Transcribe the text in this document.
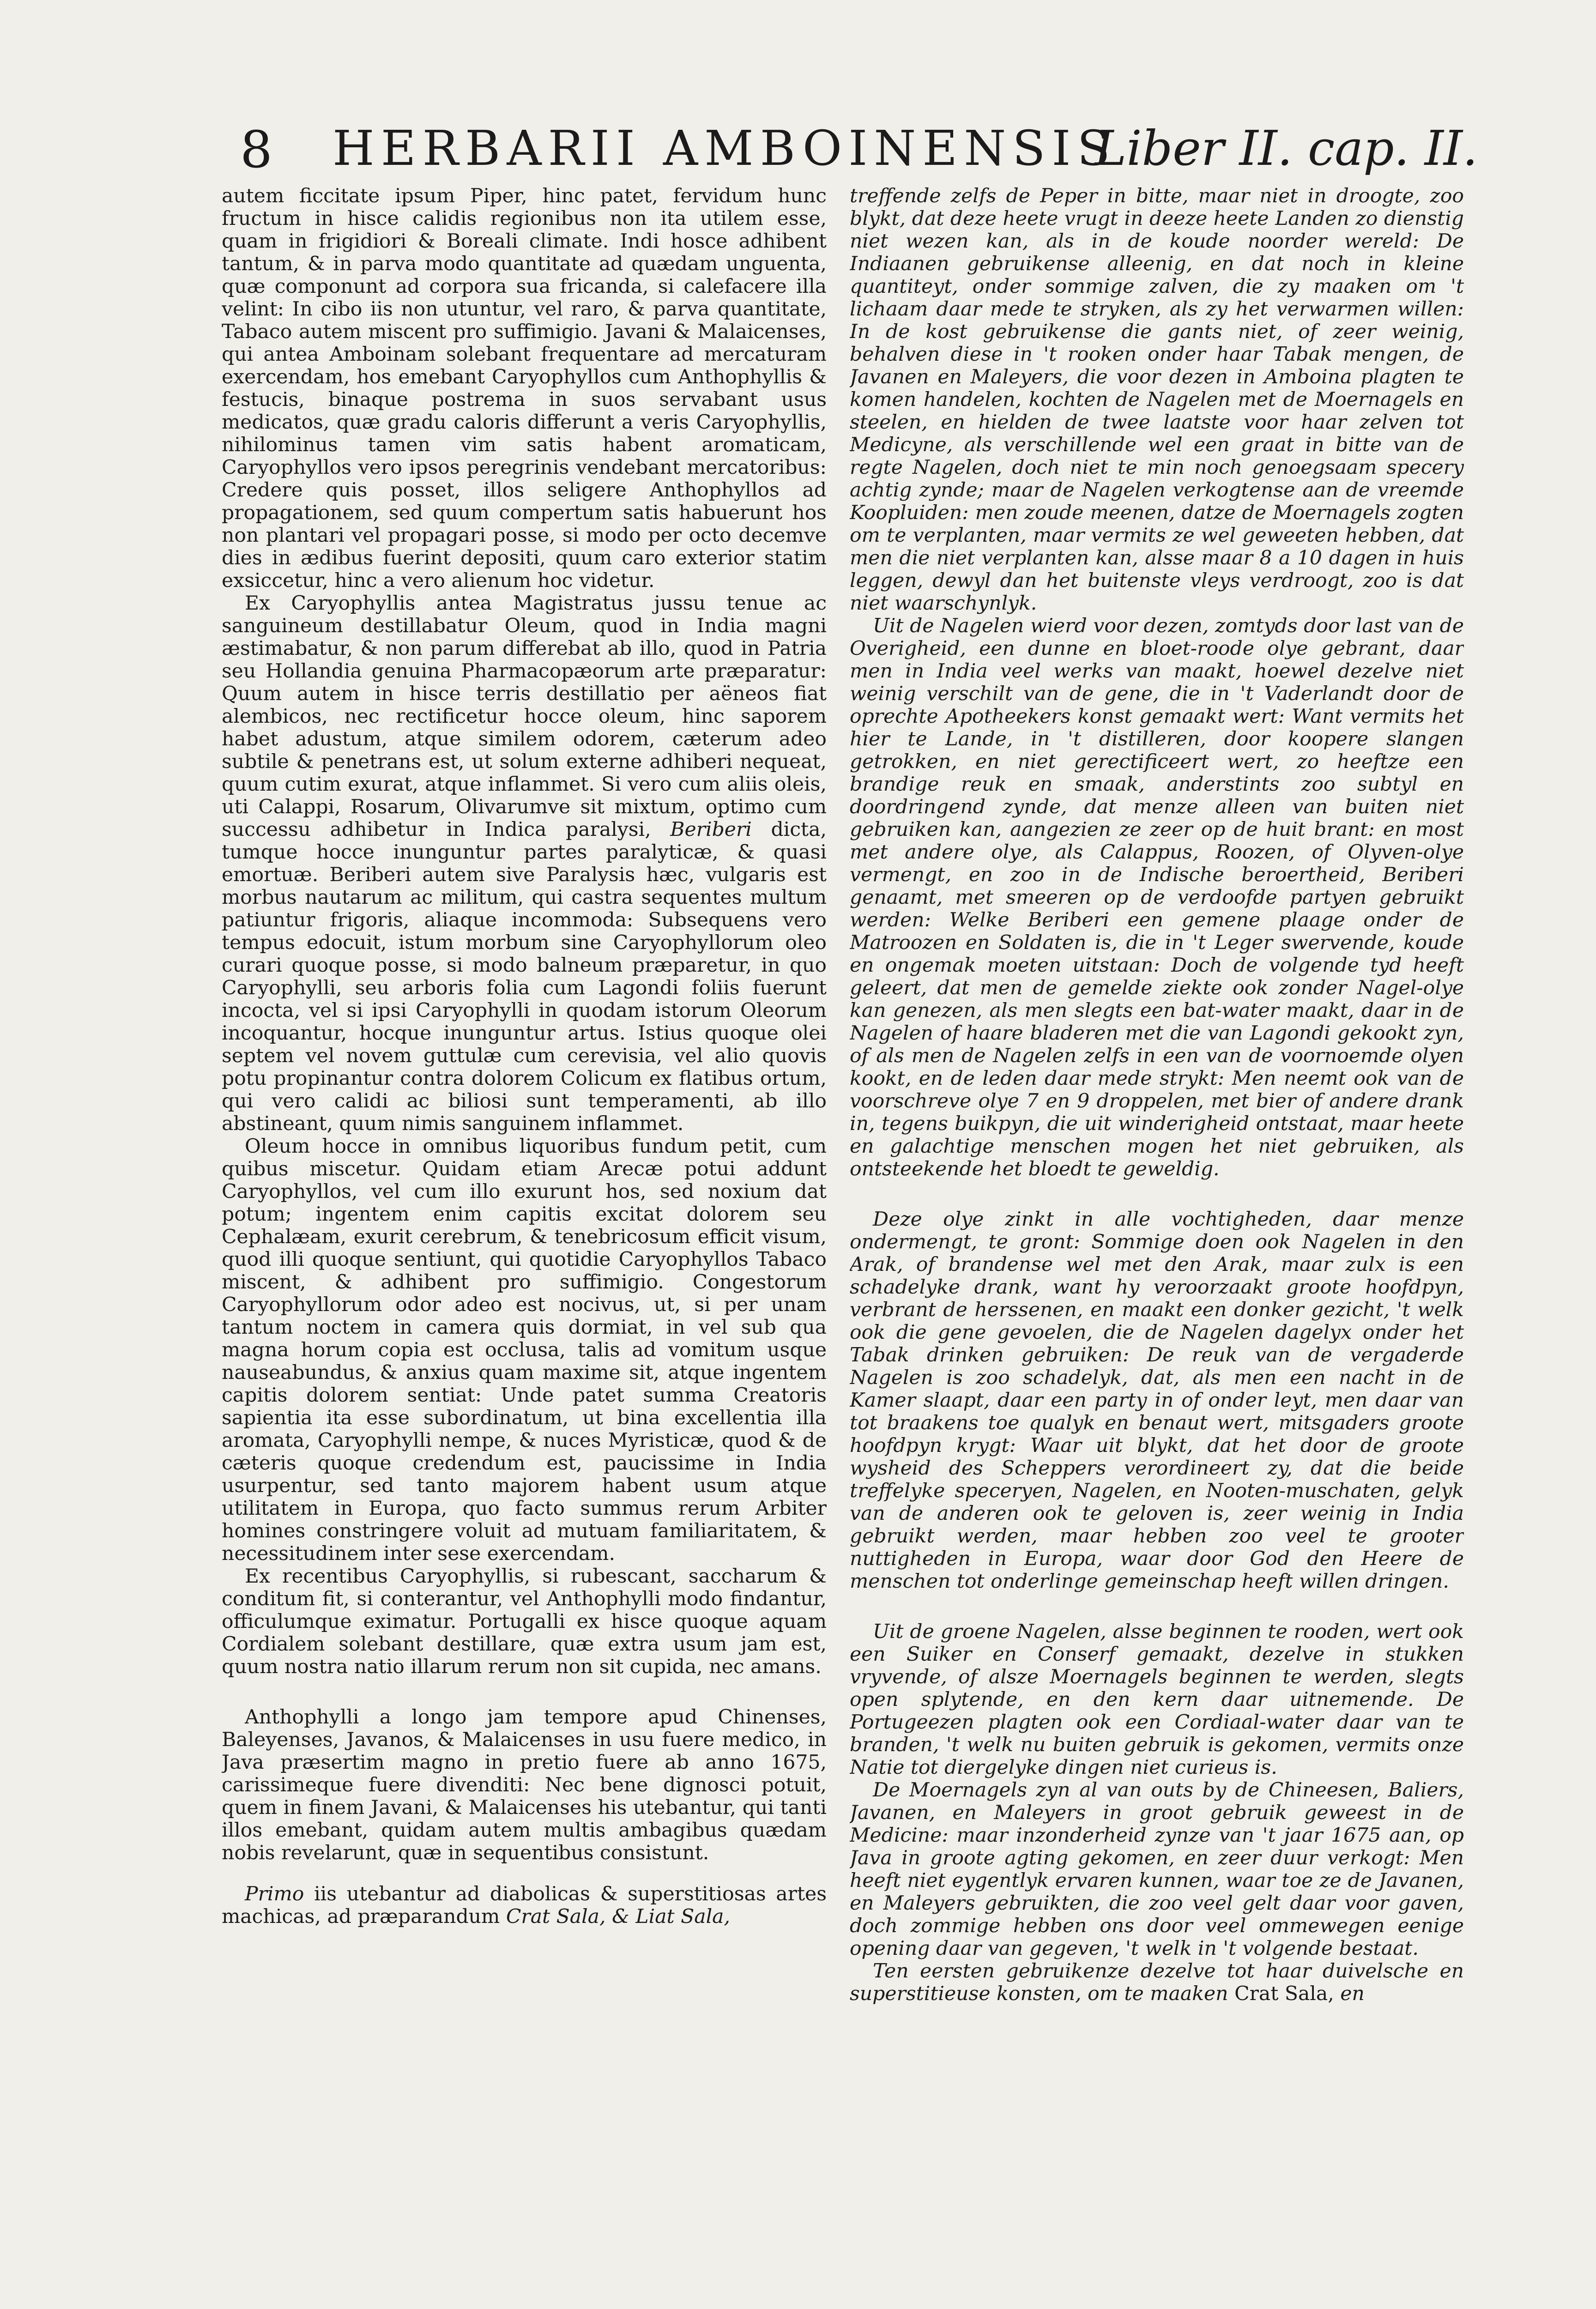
8 HERBARII AMBOINENSIS
Liber II. cap. II.

autem ficcitate ipsum Piper, hinc patet, fervidum hunc fructum in hisce calidis regionibus non ita utilem esse, quam in frigidiori & Boreali climate. Indi hosce adhibent tantum, & in parva modo quantitate ad quædam unguenta, quæ componunt ad corpora sua fricanda, si calefacere illa velint: In cibo iis non utuntur, vel raro, & parva quantitate, Tabaco autem miscent pro suffimigio. Javani & Malaicenses, qui antea Amboinam solebant frequentare ad mercaturam exercendam, hos emebant Caryophyllos cum Anthophyllis & festucis, binaque postrema in suos servabant usus medicatos, quæ gradu caloris differunt a veris Caryophyllis, nihilominus tamen vim satis habent aromaticam, Caryophyllos vero ipsos peregrinis vendebant mercatoribus: Credere quis posset, illos seligere Anthophyllos ad propagationem, sed quum compertum satis habuerunt hos non plantari vel propagari posse, si modo per octo decemve dies in ædibus fuerint depositi, quum caro exterior statim exsiccetur, hinc a vero alienum hoc videtur.

Ex Caryophyllis antea Magistratus jussu tenue ac sanguineum destillabatur Oleum, quod in India magni æstimabatur, & non parum differebat ab illo, quod in Patria seu Hollandia genuina Pharmacopæorum arte præparatur: Quum autem in hisce terris destillatio per aëneos fiat alembicos, nec rectificetur hocce oleum, hinc saporem habet adustum, atque similem odorem, cæterum adeo subtile & penetrans est, ut solum externe adhiberi nequeat, quum cutim exurat, atque inflammet. Si vero cum aliis oleis, uti Calappi, Rosarum, Olivarumve sit mixtum, optimo cum successu adhibetur in Indica paralysi, Beriberi dicta, tumque hocce inunguntur partes paralyticæ, & quasi emortuæ. Beriberi autem sive Paralysis hæc, vulgaris est morbus nautarum ac militum, qui castra sequentes multum patiuntur frigoris, aliaque incommoda: Subsequens vero tempus edocuit, istum morbum sine Caryophyllorum oleo curari quoque posse, si modo balneum præparetur, in quo Caryophylli, seu arboris folia cum Lagondi foliis fuerunt incocta, vel si ipsi Caryophylli in quodam istorum Oleorum incoquantur, hocque inunguntur artus. Istius quoque olei septem vel novem guttulæ cum cerevisia, vel alio quovis potu propinantur contra dolorem Colicum ex flatibus ortum, qui vero calidi ac biliosi sunt temperamenti, ab illo abstineant, quum nimis sanguinem inflammet.

Oleum hocce in omnibus liquoribus fundum petit, cum quibus miscetur. Quidam etiam Arecæ potui addunt Caryophyllos, vel cum illo exurunt hos, sed noxium dat potum; ingentem enim capitis excitat dolorem seu Cephalæam, exurit cerebrum, & tenebricosum efficit visum, quod illi quoque sentiunt, qui quotidie Caryophyllos Tabaco miscent, & adhibent pro suffimigio. Congestorum Caryophyllorum odor adeo est nocivus, ut, si per unam tantum noctem in camera quis dormiat, in vel sub qua magna horum copia est occlusa, talis ad vomitum usque nauseabundus, & anxius quam maxime sit, atque ingentem capitis dolorem sentiat: Unde patet summa Creatoris sapientia ita esse subordinatum, ut bina excellentia illa aromata, Caryophylli nempe, & nuces Myristicæ, quod & de cæteris quoque credendum est, paucissime in India usurpentur, sed tanto majorem habent usum atque utilitatem in Europa, quo facto summus rerum Arbiter homines constringere voluit ad mutuam familiaritatem, & necessitudinem inter sese exercendam.

Ex recentibus Caryophyllis, si rubescant, saccharum & conditum fit, si conterantur, vel Anthophylli modo findantur, officulumque eximatur. Portugalli ex hisce quoque aquam Cordialem solebant destillare, quæ extra usum jam est, quum nostra natio illarum rerum non sit cupida, nec amans.

Anthophylli a longo jam tempore apud Chinenses, Baleyenses, Javanos, & Malaicenses in usu fuere medico, in Java præsertim magno in pretio fuere ab anno 1675, carissimeque fuere divenditi: Nec bene dignosci potuit, quem in finem Javani, & Malaicenses his utebantur, qui tanti illos emebant, quidam autem multis ambagibus quædam nobis revelarunt, quæ in sequentibus consistunt.

Primo iis utebantur ad diabolicas & superstitiosas artes machicas, ad præparandum Crat Sala, & Liat Sala,

treffende zelfs de Peper in bitte, maar niet in droogte, zoo blykt, dat deze heete vrugt in deeze heete Landen zo dienstig niet wezen kan, als in de koude noorder wereld: De Indiaanen gebruikense alleenig, en dat noch in kleine quantiteyt, onder sommige zalven, die zy maaken om 't lichaam daar mede te stryken, als zy het verwarmen willen: In de kost gebruikense die gants niet, of zeer weinig, behalven diese in 't rooken onder haar Tabak mengen, de Javanen en Maleyers, die voor dezen in Amboina plagten te komen handelen, kochten de Nagelen met de Moernagels en steelen, en hielden de twee laatste voor haar zelven tot Medicyne, als verschillende wel een graat in bitte van de regte Nagelen, doch niet te min noch genoegsaam specery achtig zynde; maar de Nagelen verkogtense aan de vreemde Koopluiden: men zoude meenen, datze de Moernagels zogten om te verplanten, maar vermits ze wel geweeten hebben, dat men die niet verplanten kan, alsse maar 8 a 10 dagen in huis leggen, dewyl dan het buitenste vleys verdroogt, zoo is dat niet waarschynlyk.

Uit de Nagelen wierd voor dezen, zomtyds door last van de Overigheid, een dunne en bloet-roode olye gebrant, daar men in India veel werks van maakt, hoewel dezelve niet weinig verschilt van de gene, die in 't Vaderlandt door de oprechte Apotheekers konst gemaakt wert: Want vermits het hier te Lande, in 't distilleren, door koopere slangen getrokken, en niet gerectificeert wert, zo heeftze een brandige reuk en smaak, anderstints zoo subtyl en doordringend zynde, dat menze alleen van buiten niet gebruiken kan, aangezien ze zeer op de huit brant: en most met andere olye, als Calappus, Roozen, of Olyven-olye vermengt, en zoo in de Indische beroertheid, Beriberi genaamt, met smeeren op de verdoofde partyen gebruikt werden: Welke Beriberi een gemene plaage onder de Matroozen en Soldaten is, die in 't Leger swervende, koude en ongemak moeten uitstaan: Doch de volgende tyd heeft geleert, dat men de gemelde ziekte ook zonder Nagel-olye kan genezen, als men slegts een bat-water maakt, daar in de Nagelen of haare bladeren met die van Lagondi gekookt zyn, of als men de Nagelen zelfs in een van de voornoemde olyen kookt, en de leden daar mede strykt: Men neemt ook van de voorschreve olye 7 en 9 droppelen, met bier of andere drank in, tegens buikpyn, die uit winderigheid ontstaat, maar heete en galachtige menschen mogen het niet gebruiken, als ontsteekende het bloedt te geweldig.

Deze olye zinkt in alle vochtigheden, daar menze ondermengt, te gront: Sommige doen ook Nagelen in den Arak, of brandense wel met den Arak, maar zulx is een schadelyke drank, want hy veroorzaakt groote hoofdpyn, verbrant de herssenen, en maakt een donker gezicht, 't welk ook die gene gevoelen, die de Nagelen dagelyx onder het Tabak drinken gebruiken: De reuk van de vergaderde Nagelen is zoo schadelyk, dat, als men een nacht in de Kamer slaapt, daar een party in of onder leyt, men daar van tot braakens toe qualyk en benaut wert, mitsgaders groote hoofdpyn krygt: Waar uit blykt, dat het door de groote wysheid des Scheppers verordineert zy, dat die beide treffelyke speceryen, Nagelen, en Nooten-muschaten, gelyk van de anderen ook te geloven is, zeer weinig in India gebruikt werden, maar hebben zoo veel te grooter nuttigheden in Europa, waar door God den Heere de menschen tot onderlinge gemeinschap heeft willen dringen.

Uit de groene Nagelen, alsse beginnen te rooden, wert ook een Suiker en Conserf gemaakt, dezelve in stukken vryvende, of alsze Moernagels beginnen te werden, slegts open splytende, en den kern daar uitnemende. De Portugeezen plagten ook een Cordiaal-water daar van te branden, 't welk nu buiten gebruik is gekomen, vermits onze Natie tot diergelyke dingen niet curieus is.

De Moernagels zyn al van outs by de Chineesen, Baliers, Javanen, en Maleyers in groot gebruik geweest in de Medicine: maar inzonderheid zynze van 't jaar 1675 aan, op Java in groote agting gekomen, en zeer duur verkogt: Men heeft niet eygentlyk ervaren kunnen, waar toe ze de Javanen, en Maleyers gebruikten, die zoo veel gelt daar voor gaven, doch zommige hebben ons door veel ommewegen eenige opening daar van gegeven, 't welk in 't volgende bestaat.

Ten eersten gebruikenze dezelve tot haar duivelsche en superstitieuse konsten, om te maaken Crat Sala, en
